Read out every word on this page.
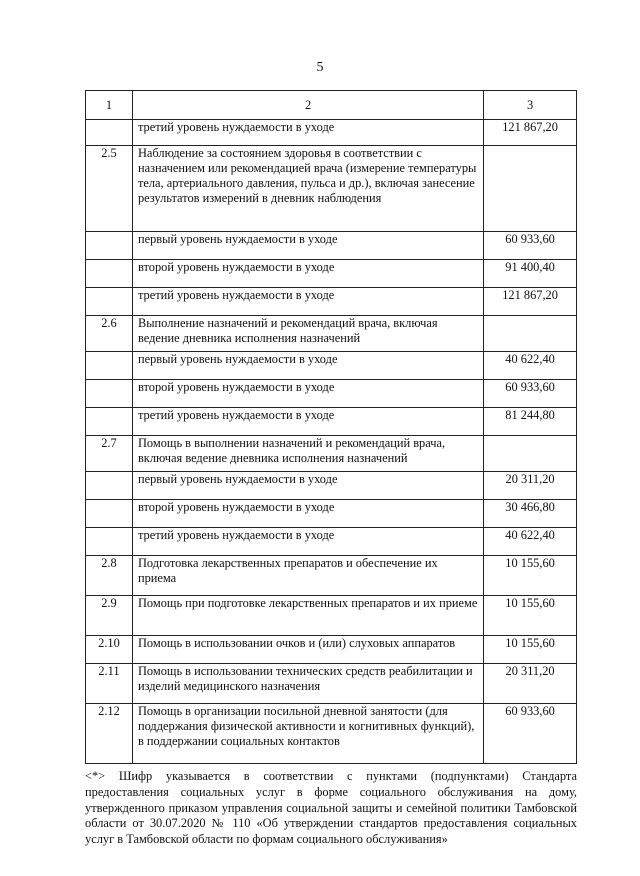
5
1	2	3
	третий уровень нуждаемости в уходе	121 867,20
2.5	Наблюдение за состоянием здоровья в соответствии с назначением или рекомендацией врача (измерение температуры тела, артериального давления, пульса и др.), включая занесение результатов измерений в дневник наблюдения	
	первый уровень нуждаемости в уходе	60 933,60
	второй уровень нуждаемости в уходе	91 400,40
	третий уровень нуждаемости в уходе	121 867,20
2.6	Выполнение назначений и рекомендаций врача, включая ведение дневника исполнения назначений	
	первый уровень нуждаемости в уходе	40 622,40
	второй уровень нуждаемости в уходе	60 933,60
	третий уровень нуждаемости в уходе	81 244,80
2.7	Помощь в выполнении назначений и рекомендаций врача, включая ведение дневника исполнения назначений	
	первый уровень нуждаемости в уходе	20 311,20
	второй уровень нуждаемости в уходе	30 466,80
	третий уровень нуждаемости в уходе	40 622,40
2.8	Подготовка лекарственных препаратов и обеспечение их приема	10 155,60
2.9	Помощь при подготовке лекарственных препаратов и их приеме	10 155,60
2.10	Помощь в использовании очков и (или) слуховых аппаратов	10 155,60
2.11	Помощь в использовании технических средств реабилитации и изделий медицинского назначения	20 311,20
2.12	Помощь в организации посильной дневной занятости (для поддержания физической активности и когнитивных функций), в поддержании социальных контактов	60 933,60

<*> Шифр указывается в соответствии с пунктами (подпунктами) Стандарта предоставления социальных услуг в форме социального обслуживания на дому, утвержденного приказом управления социальной защиты и семейной политики Тамбовской области от 30.07.2020 № 110 «Об утверждении стандартов предоставления социальных услуг в Тамбовской области по формам социального обслуживания»
